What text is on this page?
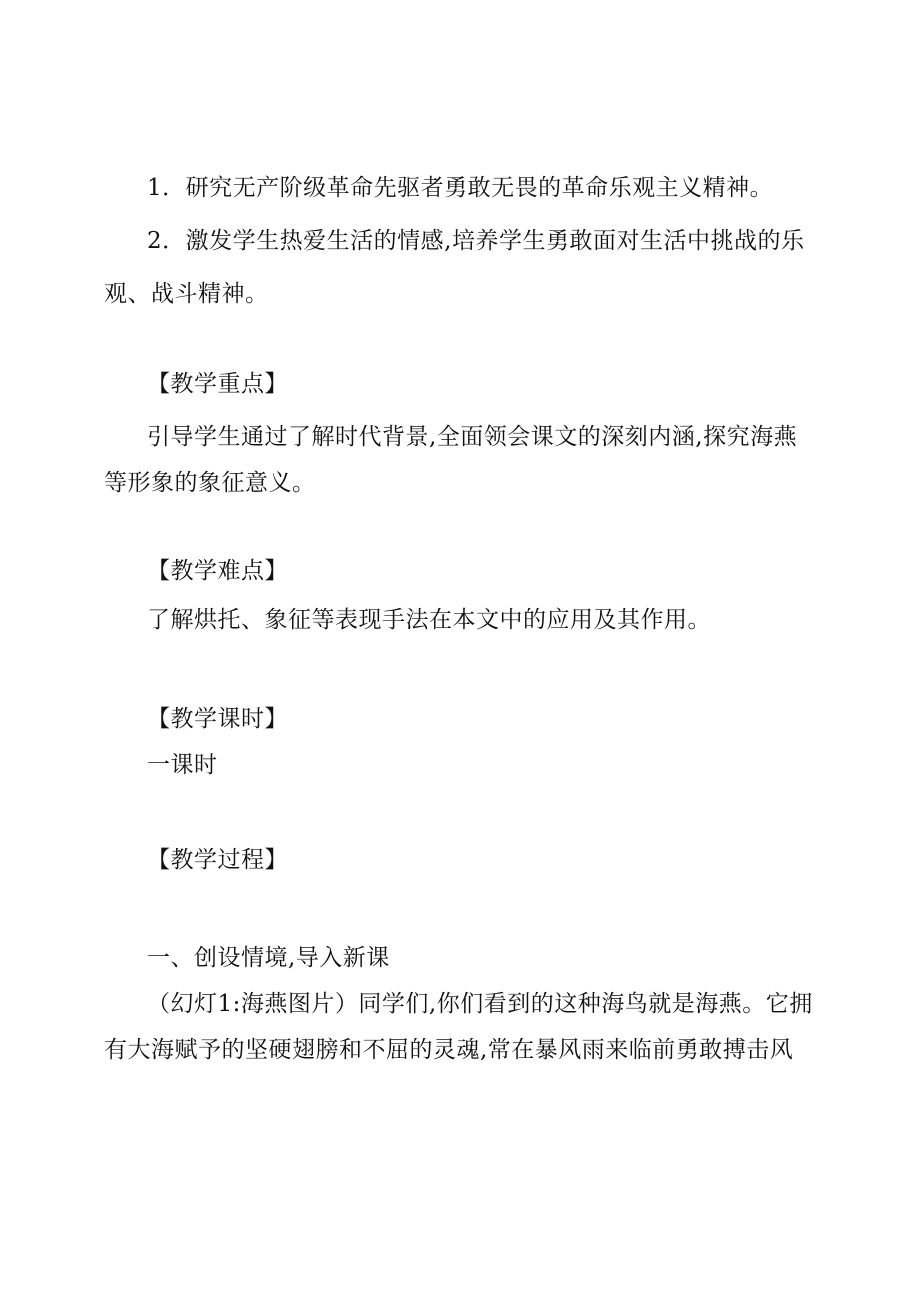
1．研究无产阶级革命先驱者勇敢无畏的革命乐观主义精神。
2．激发学生热爱生活的情感,培养学生勇敢面对生活中挑战的乐
观、战斗精神。
【教学重点】
引导学生通过了解时代背景,全面领会课文的深刻内涵,探究海燕
等形象的象征意义。
【教学难点】
了解烘托、象征等表现手法在本文中的应用及其作用。
【教学课时】
一课时
【教学过程】
一、创设情境,导入新课
（幻灯1:海燕图片）同学们,你们看到的这种海鸟就是海燕。它拥
有大海赋予的坚硬翅膀和不屈的灵魂,常在暴风雨来临前勇敢搏击风
